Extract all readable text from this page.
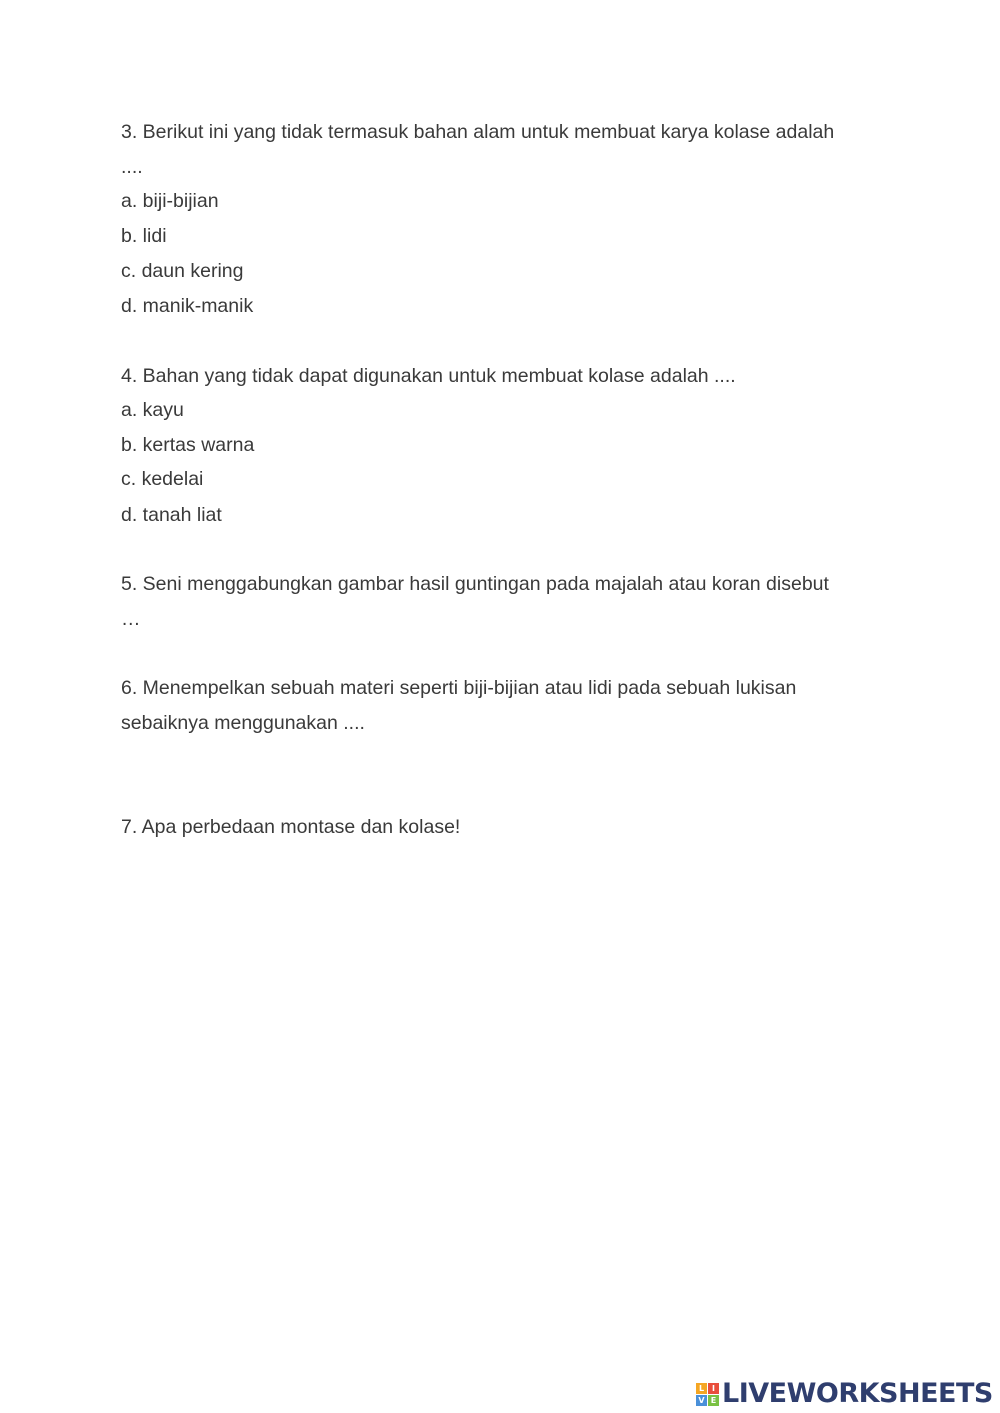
3. Berikut ini yang tidak termasuk bahan alam untuk membuat karya kolase adalah
....
a. biji-bijian
b. lidi
c. daun kering
d. manik-manik
4. Bahan yang tidak dapat digunakan untuk membuat kolase adalah ....
a. kayu
b. kertas warna
c. kedelai
d. tanah liat
5. Seni menggabungkan gambar hasil guntingan pada majalah atau koran disebut
…
6. Menempelkan sebuah materi seperti biji-bijian atau lidi pada sebuah lukisan
sebaiknya menggunakan ....
7. Apa perbedaan montase dan kolase!
L I
V E LIVEWORKSHEETS
